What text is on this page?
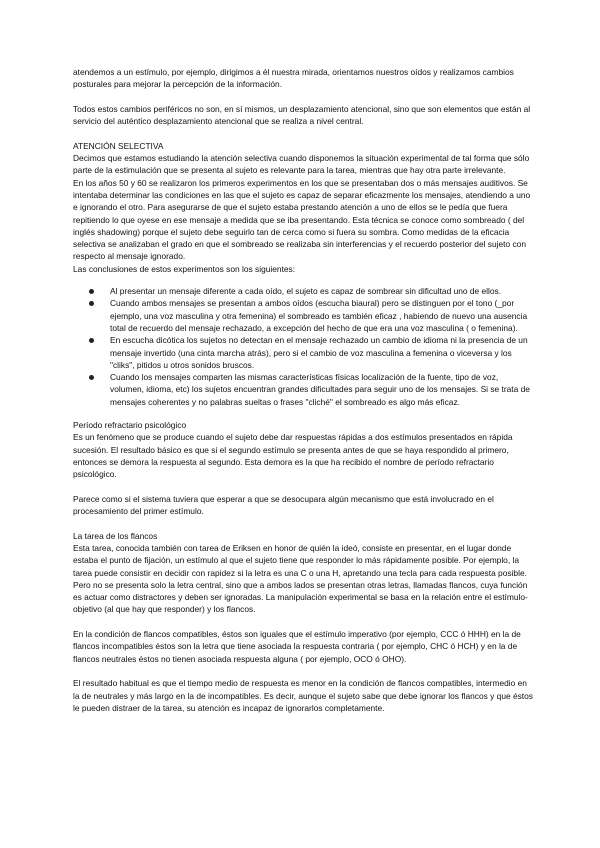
atendemos a un estímulo, por ejemplo, dirigimos a él nuestra mirada, orientamos nuestros oídos y realizamos cambios posturales para mejorar la percepción de la información.

Todos estos cambios periféricos no son, en sí mismos, un desplazamiento atencional, sino que son elementos que están al servicio del auténtico desplazamiento atencional que se realiza a nivel central.

ATENCIÓN SELECTIVA

Decimos que estamos estudiando la atención selectiva cuando disponemos la situación experimental de tal forma que sólo parte de la estimulación que se presenta al sujeto es relevante para la tarea, mientras que hay otra parte irrelevante.

En los años 50 y 60 se realizaron los primeros experimentos en los que se presentaban dos o más mensajes auditivos. Se intentaba determinar las condiciones en las que el sujeto es capaz de separar eficazmente los mensajes, atendiendo a uno e ignorando el otro. Para asegurarse de que el sujeto estaba prestando atención a uno de ellos se le pedía que fuera repitiendo lo que oyese en ese mensaje a medida que se iba presentando. Esta técnica se conoce como sombreado ( del inglés shadowing) porque el sujeto debe seguirlo tan de cerca como si fuera su sombra. Como medidas de la eficacia selectiva se analizaban el grado en que el sombreado se realizaba sin interferencias y el recuerdo posterior del sujeto con respecto al mensaje ignorado.

Las conclusiones de estos experimentos son los siguientes:

Al presentar un mensaje diferente a cada oído, el sujeto es capaz de sombrear sin dificultad uno de ellos.
Cuando ambos mensajes se presentan a ambos oídos (escucha biaural) pero se distinguen por el tono (_por ejemplo, una voz masculina y otra femenina) el sombreado es también eficaz , habiendo de nuevo una ausencia total de recuerdo del mensaje rechazado, a excepción del hecho de que era una voz masculina ( o femenina).
En escucha dicótica los sujetos no detectan en el mensaje rechazado un cambio de idioma ni la presencia de un mensaje invertido (una cinta marcha atrás), pero si el cambio de voz masculina a femenina o viceversa y los "cliks", pitidos u otros sonidos bruscos.
Cuando los mensajes comparten las mismas características físicas localización de la fuente, tipo de voz, volumen, idioma, etc) los sujetos encuentran grandes dificultades para seguir uno de los mensajes. Si se trata de mensajes coherentes y no palabras sueltas o frases "cliché" el sombreado es algo más eficaz.
Período refractario psicológico

Es un fenómeno que se produce cuando el sujeto debe dar respuestas rápidas a dos estímulos presentados en rápida sucesión. El resultado básico es que si el segundo estímulo se presenta antes de que se haya respondido al primero, entonces se demora la respuesta al segundo. Esta demora es la que ha recibido el nombre de período refractario psicológico.

Parece como si el sistema tuviera que esperar a que se desocupara algún mecanismo que está involucrado en el procesamiento del primer estímulo.

La tarea de los flancos

Esta tarea, conocida también con tarea de Eriksen en honor de quién la ideó, consiste en presentar, en el lugar donde estaba el punto de fijación, un estímulo al que el sujeto tiene que responder lo más rápidamente posible. Por ejemplo, la tarea puede consistir en decidir con rapidez si la letra es una C o una H, apretando una tecla para cada respuesta posible. Pero no se presenta solo la letra central, sino que a ambos lados se presentan otras letras, llamadas flancos, cuya función es actuar como distractores y deben ser ignoradas. La manipulación experimental se basa en la relación entre el estímulo-objetivo (al que hay que responder) y los flancos.

En la condición de flancos compatibles, éstos son iguales que el estímulo imperativo (por ejemplo, CCC ó HHH) en la de flancos incompatibles éstos son la letra que tiene asociada la respuesta contraria ( por ejemplo, CHC ó HCH) y en la de flancos neutrales éstos no tienen asociada respuesta alguna ( por ejemplo, OCO ó OHO).

El resultado habitual es que el tiempo medio de respuesta es menor en la condición de flancos compatibles, intermedio en la de neutrales y más largo en la de incompatibles. Es decir, aunque el sujeto sabe que debe ignorar los flancos y que éstos le pueden distraer de la tarea, su atención es incapaz de ignorarlos completamente.
